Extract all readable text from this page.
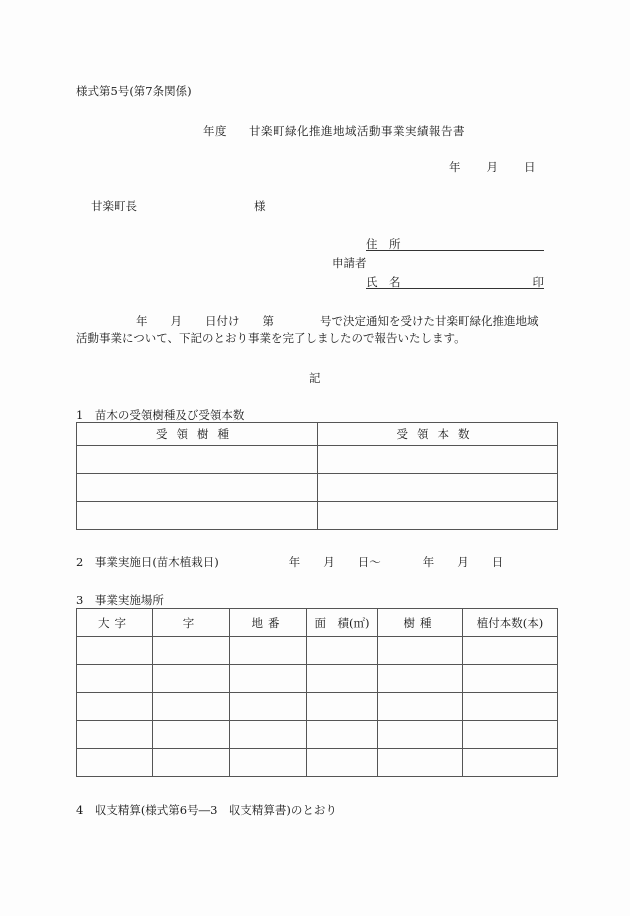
様式第5号(第7条関係)
年度 甘楽町緑化推進地域活動事業実績報告書
年 月 日
甘楽町長	様
住　所
申請者
氏　名	印
年 月 日付け 第	号で決定通知を受けた甘楽町緑化推進地域
活動事業について、下記のとおり事業を完了しましたので報告いたします。
記
1　苗木の受領樹種及び受領本数
受領樹種	受領本数

2　事業実施日(苗木植栽日)	年 月 日〜	年 月 日
3　事業実施場所
大字	字	地番	面　積(㎡)	樹種	植付本数(本)

4　収支精算(様式第6号―3　収支精算書)のとおり
